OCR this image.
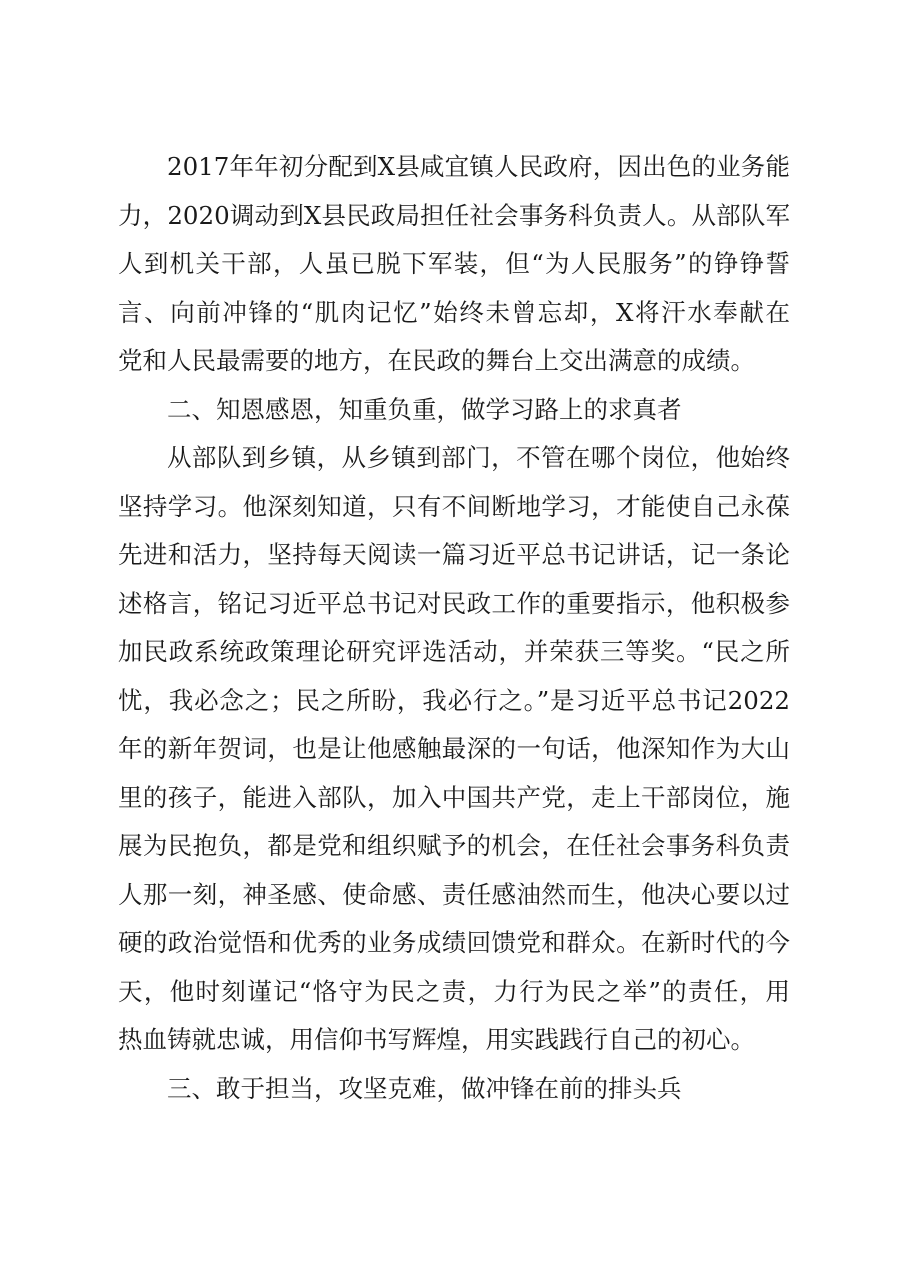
2017年年初分配到X县咸宜镇人民政府，因出色的业务能
力，2020调动到X县民政局担任社会事务科负责人。从部队军
人到机关干部，人虽已脱下军装，但“为人民服务”的铮铮誓
言、向前冲锋的“肌肉记忆”始终未曾忘却，X将汗水奉献在
党和人民最需要的地方，在民政的舞台上交出满意的成绩。
二、知恩感恩，知重负重，做学习路上的求真者
从部队到乡镇，从乡镇到部门，不管在哪个岗位，他始终
坚持学习。他深刻知道，只有不间断地学习，才能使自己永葆
先进和活力，坚持每天阅读一篇习近平总书记讲话，记一条论
述格言，铭记习近平总书记对民政工作的重要指示，他积极参
加民政系统政策理论研究评选活动，并荣获三等奖。“民之所
忧，我必念之；民之所盼，我必行之。”是习近平总书记2022
年的新年贺词，也是让他感触最深的一句话，他深知作为大山
里的孩子，能进入部队，加入中国共产党，走上干部岗位，施
展为民抱负，都是党和组织赋予的机会，在任社会事务科负责
人那一刻，神圣感、使命感、责任感油然而生，他决心要以过
硬的政治觉悟和优秀的业务成绩回馈党和群众。在新时代的今
天，他时刻谨记“恪守为民之责，力行为民之举”的责任，用
热血铸就忠诚，用信仰书写辉煌，用实践践行自己的初心。
三、敢于担当，攻坚克难，做冲锋在前的排头兵
